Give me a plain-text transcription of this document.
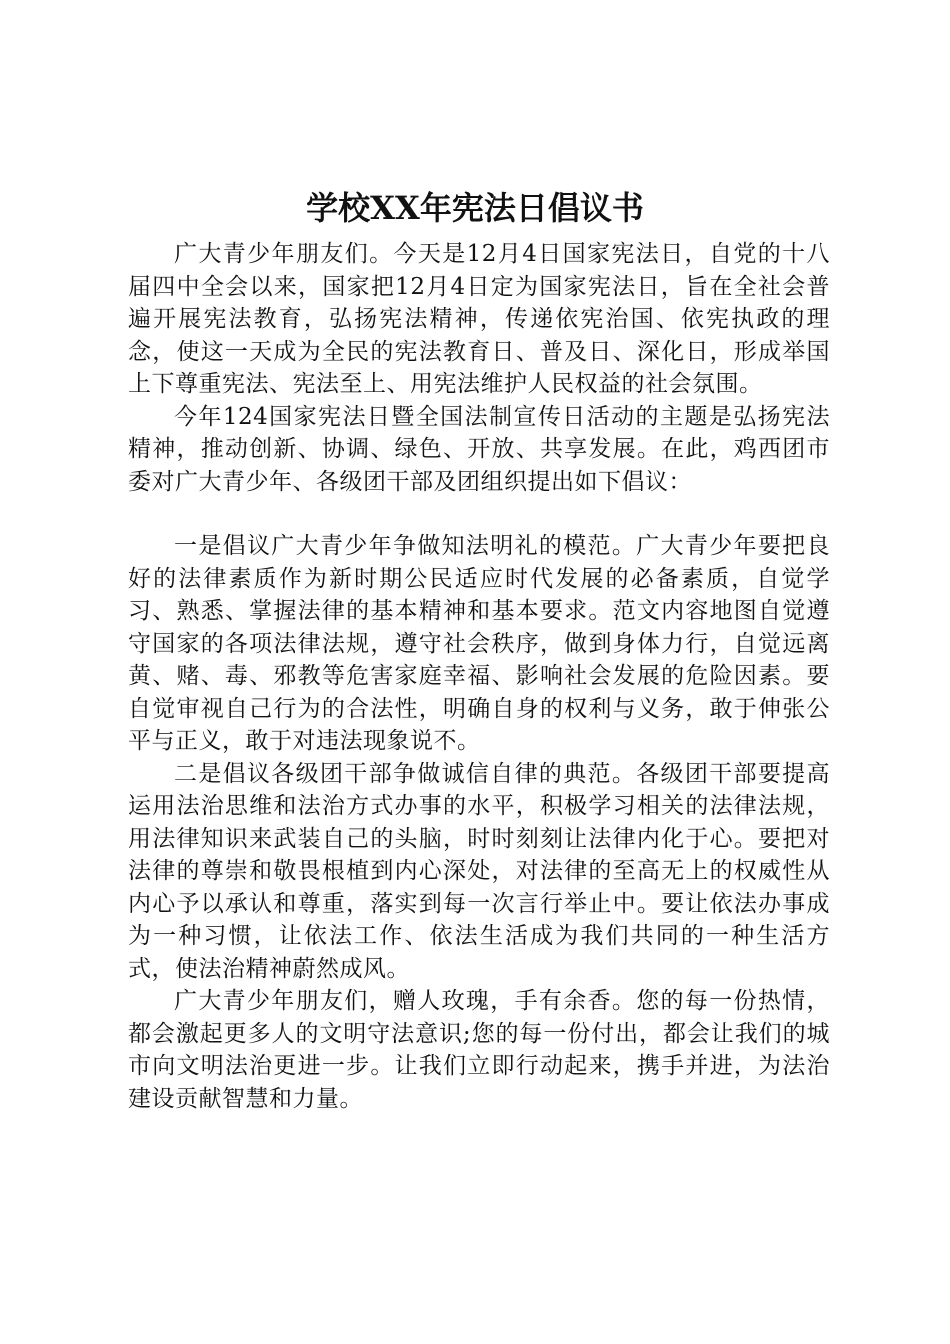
学校XX年宪法日倡议书

广大青少年朋友们。今天是12月4日国家宪法日，自党的十八届四中全会以来，国家把12月4日定为国家宪法日，旨在全社会普遍开展宪法教育，弘扬宪法精神，传递依宪治国、依宪执政的理念，使这一天成为全民的宪法教育日、普及日、深化日，形成举国上下尊重宪法、宪法至上、用宪法维护人民权益的社会氛围。

今年124国家宪法日暨全国法制宣传日活动的主题是弘扬宪法精神，推动创新、协调、绿色、开放、共享发展。在此，鸡西团市委对广大青少年、各级团干部及团组织提出如下倡议：

一是倡议广大青少年争做知法明礼的模范。广大青少年要把良好的法律素质作为新时期公民适应时代发展的必备素质，自觉学习、熟悉、掌握法律的基本精神和基本要求。范文内容地图自觉遵守国家的各项法律法规，遵守社会秩序，做到身体力行，自觉远离黄、赌、毒、邪教等危害家庭幸福、影响社会发展的危险因素。要自觉审视自己行为的合法性，明确自身的权利与义务，敢于伸张公平与正义，敢于对违法现象说不。

二是倡议各级团干部争做诚信自律的典范。各级团干部要提高运用法治思维和法治方式办事的水平，积极学习相关的法律法规，用法律知识来武装自己的头脑，时时刻刻让法律内化于心。要把对法律的尊崇和敬畏根植到内心深处，对法律的至高无上的权威性从内心予以承认和尊重，落实到每一次言行举止中。要让依法办事成为一种习惯，让依法工作、依法生活成为我们共同的一种生活方式，使法治精神蔚然成风。

广大青少年朋友们，赠人玫瑰，手有余香。您的每一份热情，都会激起更多人的文明守法意识;您的每一份付出，都会让我们的城市向文明法治更进一步。让我们立即行动起来，携手并进，为法治建设贡献智慧和力量。
